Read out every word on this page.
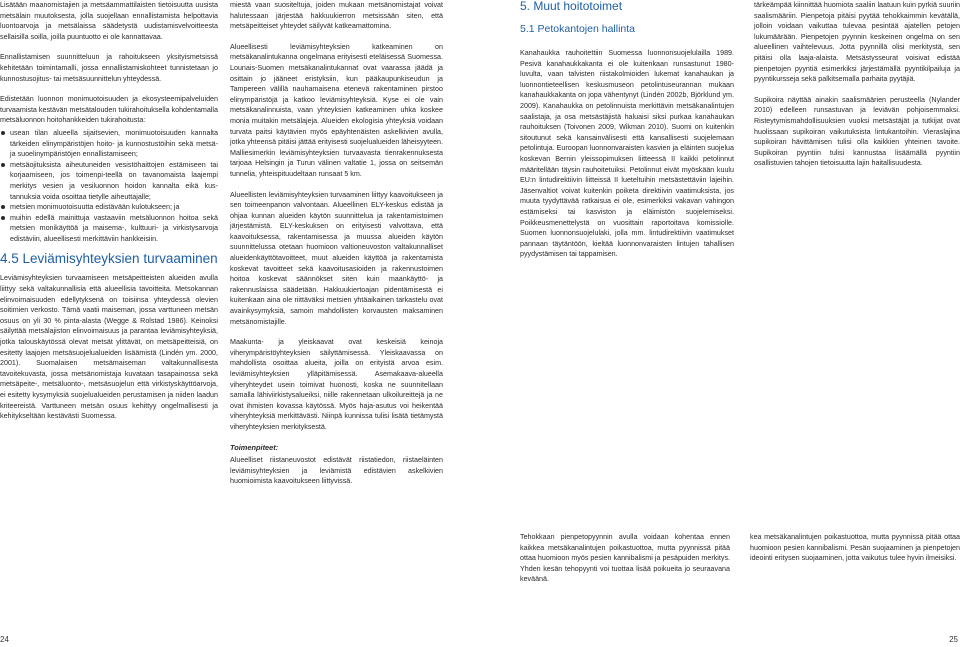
Lisätään maanomistajien ja metsäammattilaisten tietoisuutta uusista metsälain muutoksesta, jolla suojellaan ennallistamista helpottavia luontoarvoja ja metsälaissa säädetystä uudistamisvelvoitteesta sellaisilla soilla, joilla puuntuotto ei ole kannattavaa.

Ennallistamisen suunnitteluun ja rahoitukseen yksityismetsissä kehitetään toimintamalli, jossa ennallistamiskohteet tunnistetaan jo kunnostusojitus- tai metsäsuunnittelun yhteydessä.

Edistetään luonnon monimuotoisuuden ja ekosysteemipalveluiden turvaamista kestävän metsätalouden tukirahoituksella kohdentamalla metsäluonnon hoitohankkeiden tukirahoitusta:

usean tilan alueella sijaitsevien, monimuotoisuuden kannalta tärkeiden elinympäristöjen hoito- ja kunnostustöihin sekä metsä- ja suoelinympäristöjen ennallistamiseen;
metsäojituksista aiheutuneiden vesistöhaittojen estämiseen tai korjaamiseen, jos toimenpi-teellä on tavanomaista laajempi merkitys vesien ja vesiluonnon hoidon kannalta eikä kus-tannuksia voida osoittaa tietylle aiheuttajalle;
metsien monimuotoisuutta edistävään kulotukseen; ja
muihin edellä mainittuja vastaaviin metsäluonnon hoitoa sekä metsien monikäyttöä ja maisema-, kulttuuri- ja virkistysarvoja edistäviin, alueellisesti merkittäviin hankkeisiin.
4.5 Leviämisyhteyksien turvaaminen

Leviämisyhteyksien turvaamiseen metsäpeitteisten alueiden avulla liittyy sekä valtakunnallisia että alueellisia tavoitteita. Metsokannan elinvoimaisuuden edellytyksenä on toisiinsa yhteydessä olevien soitimien verkosto. Tämä vaatii maiseman, jossa varttuneen metsän osuus on yli 30 % pinta-alasta (Wegge & Rolstad 1986). Keinoksi säilyttää metsälajiston elinvoimaisuus ja parantaa leviämisyhteyksiä, jotka talouskäytössä olevat metsät ylittävät, on metsäpeitteisiä, on esitetty laajojen metsäsuojelualueiden lisäämistä (Lindén ym. 2000, 2001). Suomalaisen metsämaiseman valtakunnallisesta tavoitekuvasta, jossa metsänomistaja kuvataan tasapainossa sekä metsäpeite-, metsäluonto-, metsäsuojelun että virkistyskäyttöarvoja, ei esitetty kysymyksiä suojelualueiden perustamisen ja niiden laadun kriteereistä. Varttuneen metsän osuus kehittyy ongelmallisesti ja kehitykseltään kestävästi Suomessa.

miestä vaan suositeltuja, joiden mukaan metsänomistajat voivat halutessaan järjestää hakkuukierron metsissään siten, että metsäpeitteiset yhteydet säilyvät katkeamattomina.

Alueellisesti leviämisyhteyksien katkeaminen on metsäkanalintukanna ongelmana erityisesti eteläisessä Suomessa. Lounais-Suomen metsäkanalintukannat ovat vaarassa jäädä ja osittain jo jääneet eristyksiin, kun pääkaupunkiseudun ja Tampereen välillä nauhamaisena etenevä rakentaminen pirstoo elinympäristöjä ja katkoo leviämisyhteyksiä. Kyse ei ole vain metsäkanalinnuista, vaan yhteyksien katkeaminen uhka koskee monia muitakin metsälajeja. Alueiden ekologisia yhteyksiä voidaan turvata paitsi käytävien myös epäyhtenäisten askelkivien avulla, jotka yhteensä pitäisi jättää erityisesti suojelualueiden läheisyyteen. Malliesimerkin leviämisyhteyksien turvaavasta tienrakennuksesta tarjoaa Helsingin ja Turun välinen valtatie 1, jossa on seitsemän tunnelia, yhteispituudeltaan runsaat 5 km.

Alueellisten leviämisyhteyksien turvaaminen liittyy kaavoitukseen ja sen toimeenpanon valvontaan. Alueellinen ELY-keskus edistää ja ohjaa kunnan alueiden käytön suunnittelua ja rakentamistoimen järjestämistä. ELY-keskuksen on erityisesti valvottava, että kaavoituksessa, rakentamisessa ja muussa alueiden käytön suunnittelussa otetaan huomioon valtioneuvoston valtakunnalliset alueidenkäyttötavoitteet, muut alueiden käyttöä ja rakentamista koskevat tavoitteet sekä kaavoitusasioiden ja rakennustoimen hoitoa koskevat säännökset siten kuin maankäyttö- ja rakennuslaissa säädetään. Hakkuukiertoajan pidentämisestä ei kuitenkaan aina ole riittäväksi metsien yhtäaikainen tarkastelu ovat avainkysymyksiä, samoin mahdollisten korvausten maksaminen metsänomistajille.

Maakunta- ja yleiskaavat ovat keskeisiä keinoja viherympäristöyhteyksien säilyttämisessä. Yleiskaavassa on mahdollista osoittaa alueita, joilla on erityistä arvoa esim. leviämisyhteyksien ylläpitämisessä. Asemakaava-alueella viheryhteydet usein toimivat huonosti, koska ne suunnitellaan samalla lähiviirkistysalueiksi, niille rakennetaan ulkoilureittejä ja ne ovat ihmisten kovassa käytössä. Myös haja-asutus voi heikentää viheryhteyksiä merkittävästi. Niinpä kunnissa tulisi lisätä tietämystä viheryhteyksien merkityksestä.

Toimenpiteet:

Alueelliset riistaneuvostot edistävät riistatiedon, riistaeläinten leviämisyhteyksien ja leviämistä edistävien askelkivien huomioimista kaavoitukseen liittyvissä.

24
5. Muut hoitotoimet
5.1 Petokantojen hallinta

Kanahaukka rauhoitettiin Suomessa luonnonsuojelulailla 1989. Pesivä kanahaukkakanta ei ole kuitenkaan runsastunut 1980-luvulta, vaan talvisten riistakolmioiden lukemat kanahaukan ja luonnontieteellisen keskusmuseon petolintuseurannan mukaan kanahaukkakanta on jopa vähentynyt (Lindén 2002b, Björklund ym. 2009). Kanahaukka on petolinnuista merkittävin metsäkanalintujen saalistaja, ja osa metsästäjistä haluaisi siksi purkaa kanahaukan rauhoituksen (Toivonen 2009, Wikman 2010). Suomi on kuitenkin sitoutunut sekä kansainvälisesti että kansallisesti suojelemaan petolintuja. Euroopan luonnonvaraisten kasvien ja eläinten suojelua koskevan Bernin yleissopimuksen liitteessä II kaikki petolinnut määritellään täysin rauhoitetuiksi. Petolinnut eivät myöskään kuulu EU:n lintudirektiivin liitteissä II lueteltuihin metsästettäviin lajeihin. Jäsenvaltiot voivat kuitenkin poiketa direktiivin vaatimuksista, jos muuta tyydyttävää ratkaisua ei ole, esimerkiksi vakavan vahingon estämiseksi tai kasviston ja eläimistön suojelemiseksi. Poikkeusmenettelystä on vuosittain raportoitava komissiolle. Suomen luonnonsuojelulaki, jolla mm. lintudirektiivin vaatimukset pannaan täytäntöön, kieltää luonnonvaraisten lintujen tahallisen pyydystämisen tai tappamisen.

tärkeämpää kiinnittää huomiota saaliin laatuun kuin pyrkiä suuriin saalismääriin. Pienpetoja pitäisi pyytää tehokkaimmin kevätällä, jolloin voidaan vaikuttaa tulevaa pesintää ajatellen petojen lukumäärään. Pienpetojen pyynnin keskeinen ongelma on sen alueellinen vaihtelevuus. Jotta pyynnillä olisi merkitystä, sen pitäisi olla laaja-alaista. Metsästysseurat voisivat edistää pienpetojen pyyntiä esimerkiksi järjestämällä pyyntikilpailuja ja pyyntikursseja sekä palkitsemalla parhaita pyytäjiä.

Supikoira näyttää ainakin saalismäärien perusteella (Nylander 2010) edelleen runsastuvan ja leviävän pohjoisemmaksi. Risteytymismahdollisuuksien vuoksi metsästäjät ja tutkijat ovat huolissaan supikoiran vaikutuksista lintukantoihin. Vieraslajina supikoiran hävittämisen tulisi olla kaikkien yhteinen tavoite. Supikoiran pyyntiin tulisi kannustaa lisäämällä pyyntiin osallistuvien tahojen tietoisuutta lajin haitallisuudesta.

Tehokkaan pienpetopyynnin avulla voidaan kohentaa ennen kaikkea metsäkanalintujen poikastuottoa, mutta pyynnissä pitää ottaa huomioon myös pesien kannibalismi ja pesäpuiden merkitys. Yhden kesän tehopyynti voi tuottaa lisää poikueita jo seuraavana keväänä.

kea metsäkanalintujen poikastuottoa, mutta pyynnissä pitää ottaa huomioon pesien kannibalismi. Pesän suojaaminen ja pienpetojen ideointi eritysen suojaaminen, jotta vaikutus tulee hyvin ilmeisiksi.

25
